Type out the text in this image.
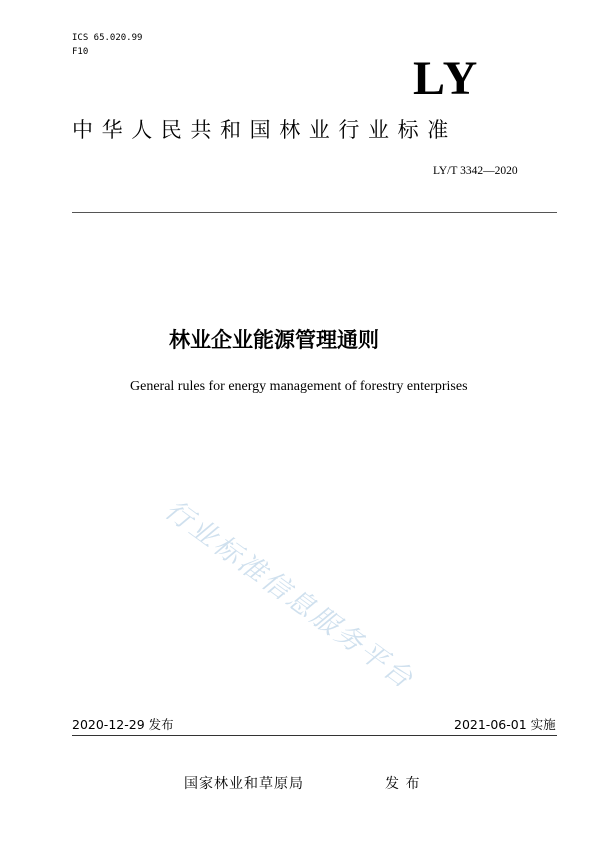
ICS 65.020.99

F10	LY

中华人民共和国林业行业标准

LY/T 3342—2020

林业企业能源管理通则

General rules for energy management of forestry enterprises

行业标准信息服务平台

2020-12-29 发布	2021-06-01 实施

国家林业和草原局	发 布
